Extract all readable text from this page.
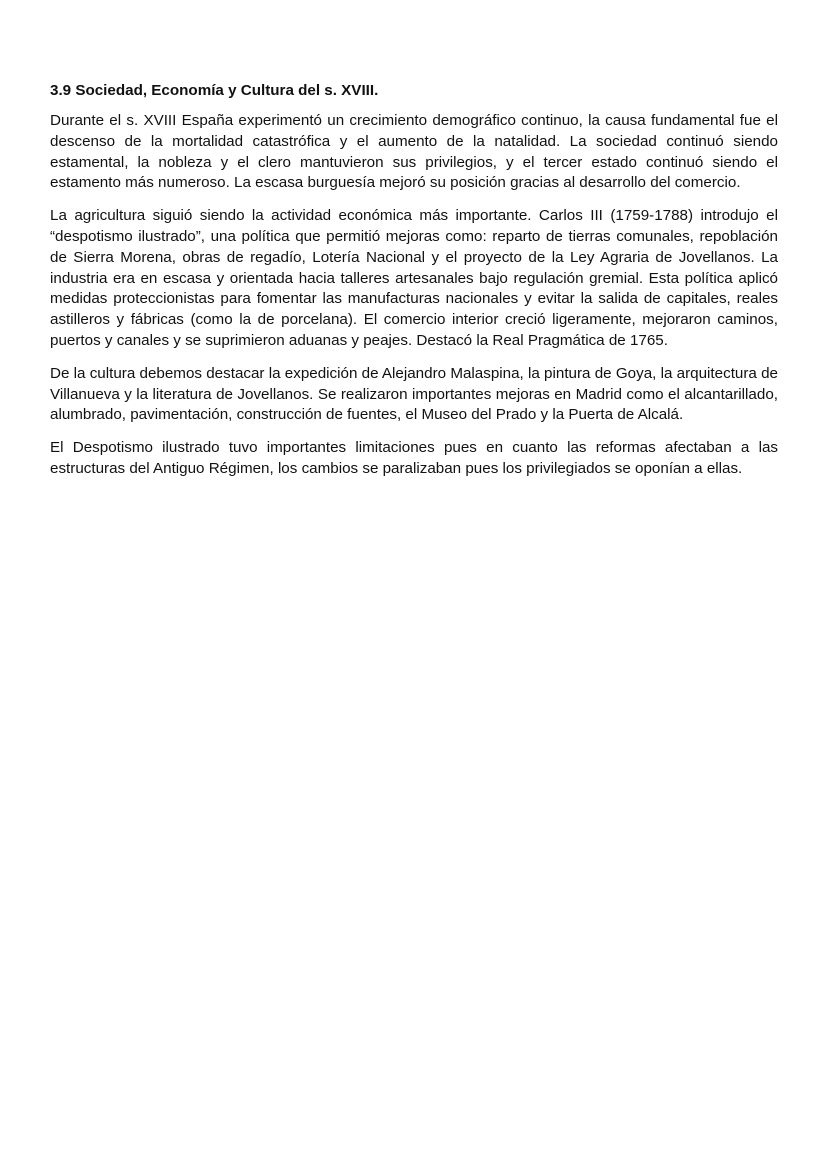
3.9 Sociedad, Economía y Cultura del s. XVIII.

Durante el s. XVIII España experimentó un crecimiento demográfico continuo, la causa fundamental fue el descenso de la mortalidad catastrófica y el aumento de la natalidad. La sociedad continuó siendo estamental, la nobleza y el clero mantuvieron sus privilegios, y el tercer estado continuó siendo el estamento más numeroso. La escasa burguesía mejoró su posición gracias al desarrollo del comercio.

La agricultura siguió siendo la actividad económica más importante. Carlos III (1759-1788) introdujo el “despotismo ilustrado”, una política que permitió mejoras como: reparto de tierras comunales, repoblación de Sierra Morena, obras de regadío, Lotería Nacional y el proyecto de la Ley Agraria de Jovellanos. La industria era en escasa y orientada hacia talleres artesanales bajo regulación gremial. Esta política aplicó medidas proteccionistas para fomentar las manufacturas nacionales y evitar la salida de capitales, reales astilleros y fábricas (como la de porcelana). El comercio interior creció ligeramente, mejoraron caminos, puertos y canales y se suprimieron aduanas y peajes. Destacó la Real Pragmática de 1765.

De la cultura debemos destacar la expedición de Alejandro Malaspina, la pintura de Goya, la arquitectura de Villanueva y la literatura de Jovellanos. Se realizaron importantes mejoras en Madrid como el alcantarillado, alumbrado, pavimentación, construcción de fuentes, el Museo del Prado y la Puerta de Alcalá.

El Despotismo ilustrado tuvo importantes limitaciones pues en cuanto las reformas afectaban a las estructuras del Antiguo Régimen, los cambios se paralizaban pues los privilegiados se oponían a ellas.
